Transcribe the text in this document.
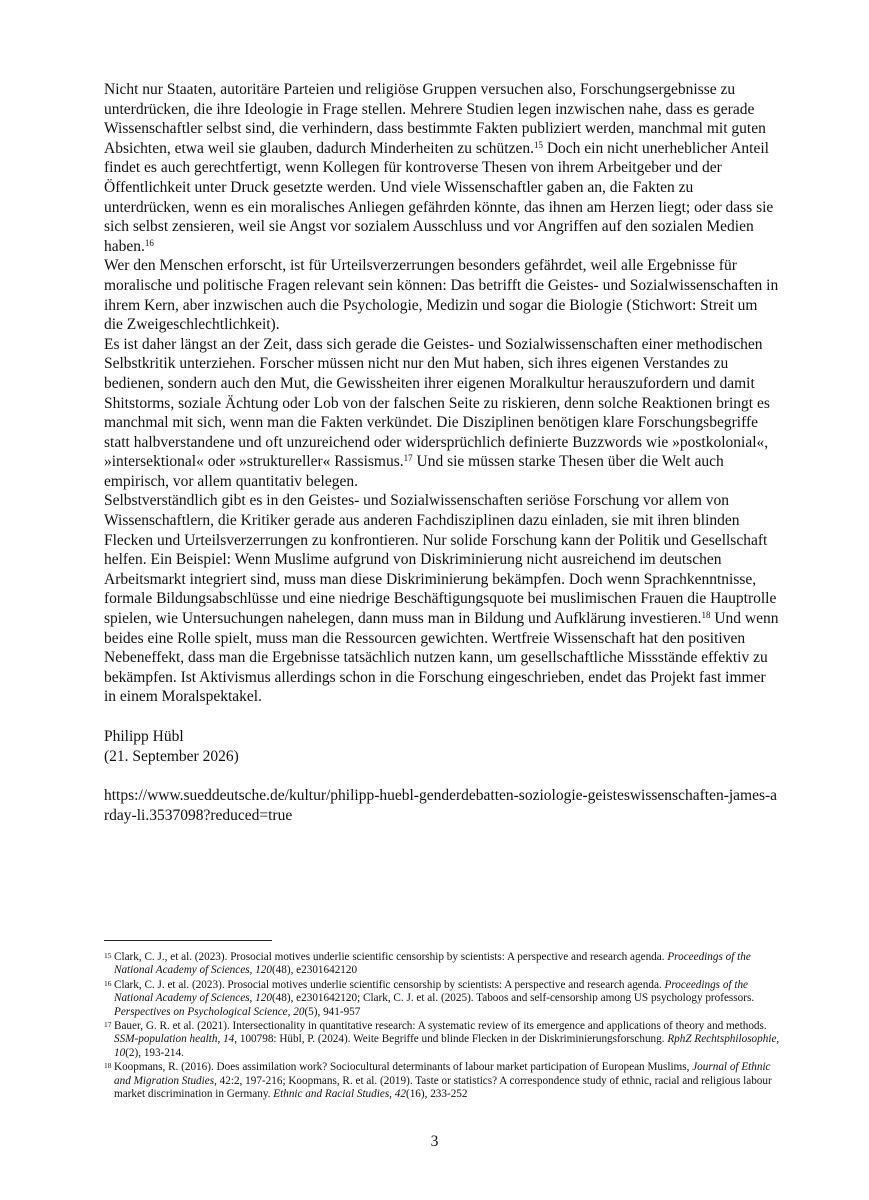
Nicht nur Staaten, autoritäre Parteien und religiöse Gruppen versuchen also, Forschungsergebnisse zu unterdrücken, die ihre Ideologie in Frage stellen. Mehrere Studien legen inzwischen nahe, dass es gerade Wissenschaftler selbst sind, die verhindern, dass bestimmte Fakten publiziert werden, manchmal mit guten Absichten, etwa weil sie glauben, dadurch Minderheiten zu schützen.$^{15}$ Doch ein nicht unerheblicher Anteil findet es auch gerechtfertigt, wenn Kollegen für kontroverse Thesen von ihrem Arbeitgeber und der Öffentlichkeit unter Druck gesetzte werden. Und viele Wissenschaftler gaben an, die Fakten zu unterdrücken, wenn es ein moralisches Anliegen gefährden könnte, das ihnen am Herzen liegt; oder dass sie sich selbst zensieren, weil sie Angst vor sozialem Ausschluss und vor Angriffen auf den sozialen Medien haben.$^{16}$

Wer den Menschen erforscht, ist für Urteilsverzerrungen besonders gefährdet, weil alle Ergebnisse für moralische und politische Fragen relevant sein können: Das betrifft die Geistes- und Sozialwissenschaften in ihrem Kern, aber inzwischen auch die Psychologie, Medizin und sogar die Biologie (Stichwort: Streit um die Zweigeschlechtlichkeit).

Es ist daher längst an der Zeit, dass sich gerade die Geistes- und Sozialwissenschaften einer methodischen Selbstkritik unterziehen. Forscher müssen nicht nur den Mut haben, sich ihres eigenen Verstandes zu bedienen, sondern auch den Mut, die Gewissheiten ihrer eigenen Moralkultur herauszufordern und damit Shitstorms, soziale Ächtung oder Lob von der falschen Seite zu riskieren, denn solche Reaktionen bringt es manchmal mit sich, wenn man die Fakten verkündet. Die Disziplinen benötigen klare Forschungsbegriffe statt halbverstandene und oft unzureichend oder widersprüchlich definierte Buzzwords wie »postkolonial«, »intersektional« oder »struktureller« Rassismus.$^{17}$ Und sie müssen starke Thesen über die Welt auch empirisch, vor allem quantitativ belegen.

Selbstverständlich gibt es in den Geistes- und Sozialwissenschaften seriöse Forschung vor allem von Wissenschaftlern, die Kritiker gerade aus anderen Fachdisziplinen dazu einladen, sie mit ihren blinden Flecken und Urteilsverzerrungen zu konfrontieren. Nur solide Forschung kann der Politik und Gesellschaft helfen. Ein Beispiel: Wenn Muslime aufgrund von Diskriminierung nicht ausreichend im deutschen Arbeitsmarkt integriert sind, muss man diese Diskriminierung bekämpfen. Doch wenn Sprachkenntnisse, formale Bildungsabschlüsse und eine niedrige Beschäftigungsquote bei muslimischen Frauen die Hauptrolle spielen, wie Untersuchungen nahelegen, dann muss man in Bildung und Aufklärung investieren.$^{18}$ Und wenn beides eine Rolle spielt, muss man die Ressourcen gewichten. Wertfreie Wissenschaft hat den positiven Nebeneffekt, dass man die Ergebnisse tatsächlich nutzen kann, um gesellschaftliche Missstände effektiv zu bekämpfen. Ist Aktivismus allerdings schon in die Forschung eingeschrieben, endet das Projekt fast immer in einem Moralspektakel.

Philipp Hübl

(21. September 2026)

https://www.sueddeutsche.de/kultur/philipp-huebl-genderdebatten-soziologie-geisteswissenschaften-james-arday-li.3537098?reduced=true

15 Clark, C. J., et al. (2023). Prosocial motives underlie scientific censorship by scientists: A perspective and research agenda. Proceedings of the National Academy of Sciences, 120(48), e2301642120
16 Clark, C. J. et al. (2023). Prosocial motives underlie scientific censorship by scientists: A perspective and research agenda. Proceedings of the National Academy of Sciences, 120(48), e2301642120; Clark, C. J. et al. (2025). Taboos and self-censorship among US psychology professors. Perspectives on Psychological Science, 20(5), 941-957
17 Bauer, G. R. et al. (2021). Intersectionality in quantitative research: A systematic review of its emergence and applications of theory and methods. SSM-population health, 14, 100798: Hübl, P. (2024). Weite Begriffe und blinde Flecken in der Diskriminierungsforschung. RphZ Rechtsphilosophie, 10(2), 193-214.
18 Koopmans, R. (2016). Does assimilation work? Sociocultural determinants of labour market participation of European Muslims, Journal of Ethnic and Migration Studies, 42:2, 197-216; Koopmans, R. et al. (2019). Taste or statistics? A correspondence study of ethnic, racial and religious labour market discrimination in Germany. Ethnic and Racial Studies, 42(16), 233-252
3
